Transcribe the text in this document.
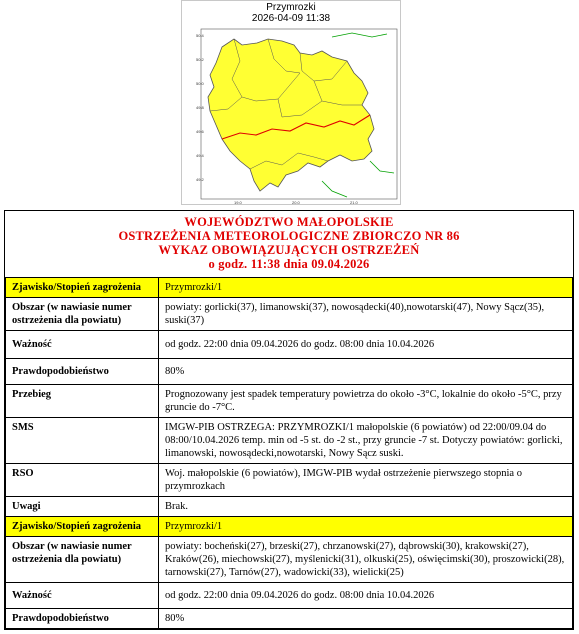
Przymrozki
2026-04-09 11:38
50.4
50.2
50.0
49.8
49.6
49.4
49.2
19.0	20.0	21.0
WOJEWÓDZTWO MAŁOPOLSKIE
OSTRZEŻENIA METEOROLOGICZNE ZBIORCZO NR 86
WYKAZ OBOWIĄZUJĄCYCH OSTRZEŻEŃ
o godz. 11:38 dnia 09.04.2026
Zjawisko/Stopień zagrożenia	Przymrozki/1
Obszar (w nawiasie numer ostrzeżenia dla powiatu)	powiaty: gorlicki(37), limanowski(37), nowosądecki(40),nowotarski(47), Nowy Sącz(35), suski(37)
Ważność	od godz. 22:00 dnia 09.04.2026 do godz. 08:00 dnia 10.04.2026
Prawdopodobieństwo	80%
Przebieg	Prognozowany jest spadek temperatury powietrza do około -3°C, lokalnie do około -5°C, przy gruncie do -7°C.
SMS	IMGW-PIB OSTRZEGA: PRZYMROZKI/1 małopolskie (6 powiatów) od 22:00/09.04 do 08:00/10.04.2026 temp. min od -5 st. do -2 st., przy gruncie -7 st. Dotyczy powiatów: gorlicki, limanowski, nowosądecki,nowotarski, Nowy Sącz suski.
RSO	Woj. małopolskie (6 powiatów), IMGW-PIB wydał ostrzeżenie pierwszego stopnia o przymrozkach
Uwagi	Brak.
Zjawisko/Stopień zagrożenia	Przymrozki/1
Obszar (w nawiasie numer ostrzeżenia dla powiatu)	powiaty: bocheński(27), brzeski(27), chrzanowski(27), dąbrowski(30), krakowski(27), Kraków(26), miechowski(27), myślenicki(31), olkuski(25), oświęcimski(30), proszowicki(28), tarnowski(27), Tarnów(27), wadowicki(33), wielicki(25)
Ważność	od godz. 22:00 dnia 09.04.2026 do godz. 08:00 dnia 10.04.2026
Prawdopodobieństwo	80%
